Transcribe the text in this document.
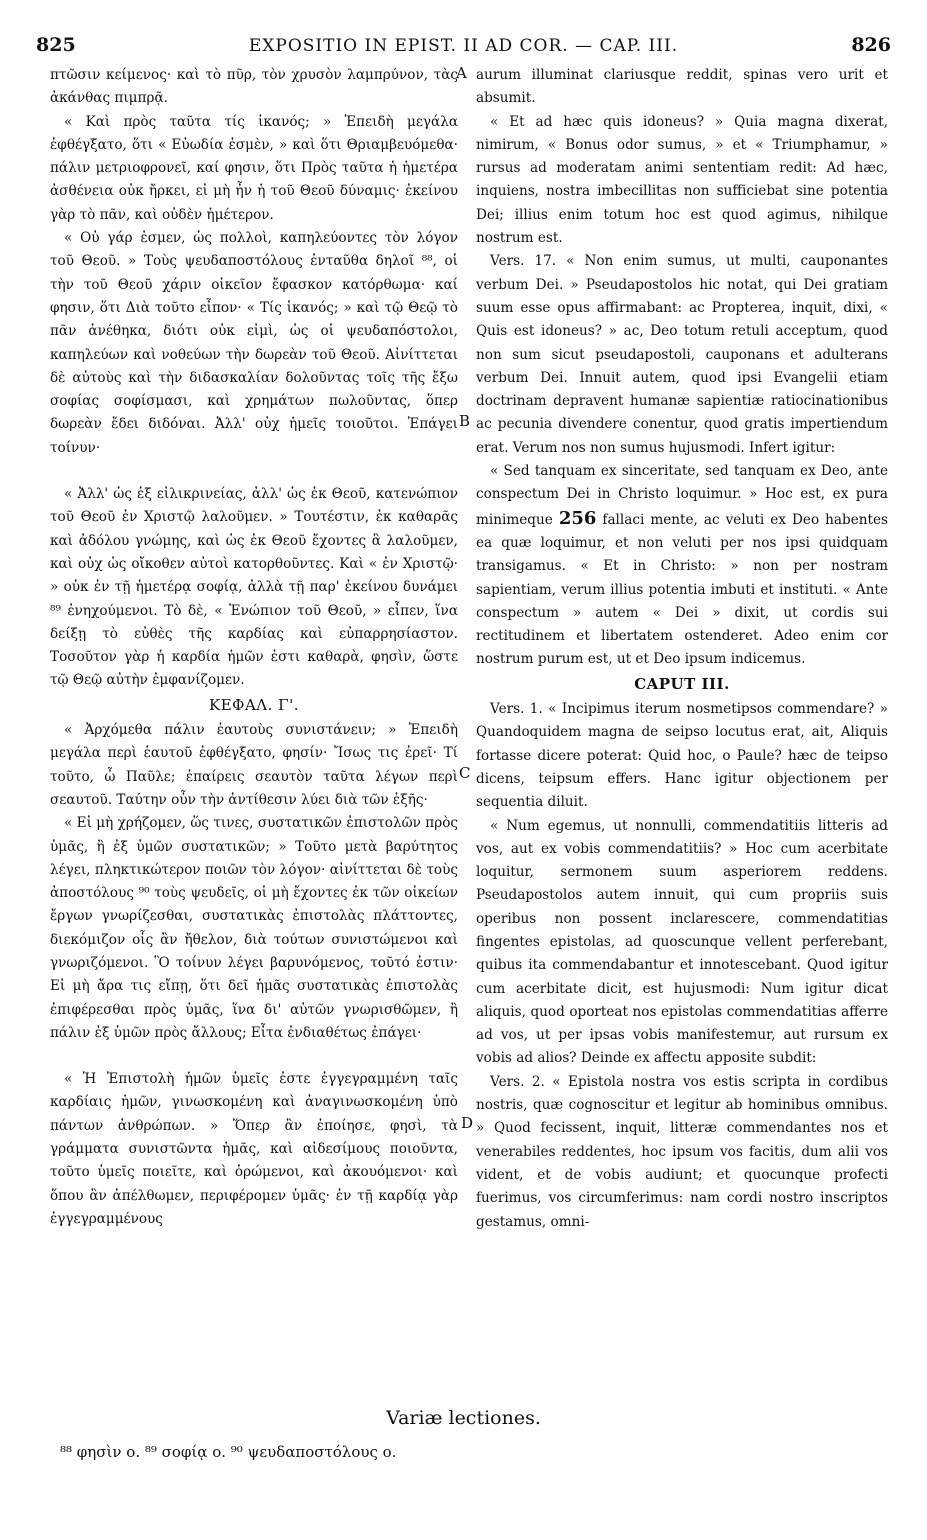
825	EXPOSITIO IN EPIST. II AD COR. — CAP. III.	826
A
B
C
D

πτῶσιν κείμενος· καὶ τὸ πῦρ, τὸν χρυσὸν λαμπρύνον, τὰς ἀκάνθας πιμπρᾷ.

« Καὶ πρὸς ταῦτα τίς ἱκανός; » Ἐπειδὴ μεγάλα ἐφθέγξατο, ὅτι « Εὐωδία ἐσμὲν, » καὶ ὅτι Θριαμβευόμεθα· πάλιν μετριοφρονεῖ, καί φησιν, ὅτι Πρὸς ταῦτα ἡ ἡμετέρα ἀσθένεια οὐκ ἤρκει, εἰ μὴ ἦν ἡ τοῦ Θεοῦ δύναμις· ἐκείνου γὰρ τὸ πᾶν, καὶ οὐδὲν ἡμέτερον.

« Οὐ γάρ ἐσμεν, ὡς πολλοὶ, καπηλεύοντες τὸν λόγον τοῦ Θεοῦ. » Τοὺς ψευδαποστόλους ἐνταῦθα δηλοῖ ⁸⁸, οἱ τὴν τοῦ Θεοῦ χάριν οἰκεῖον ἔφασκον κατόρθωμα· καί φησιν, ὅτι Διὰ τοῦτο εἶπον· « Τίς ἱκανός; » καὶ τῷ Θεῷ τὸ πᾶν ἀνέθηκα, διότι οὐκ εἰμὶ, ὡς οἱ ψευδαπόστολοι, καπηλεύων καὶ νοθεύων τὴν δωρεὰν τοῦ Θεοῦ. Αἰνίττεται δὲ αὐτοὺς καὶ τὴν διδασκαλίαν δολοῦντας τοῖς τῆς ἔξω σοφίας σοφίσμασι, καὶ χρημάτων πωλοῦντας, ὅπερ δωρεὰν ἔδει διδόναι. Ἀλλ' οὐχ ἡμεῖς τοιοῦτοι. Ἐπάγει τοίνυν·

« Ἀλλ' ὡς ἐξ εἰλικρινείας, ἀλλ' ὡς ἐκ Θεοῦ, κατενώπιον τοῦ Θεοῦ ἐν Χριστῷ λαλοῦμεν. » Τουτέστιν, ἐκ καθαρᾶς καὶ ἀδόλου γνώμης, καὶ ὡς ἐκ Θεοῦ ἔχοντες ἃ λαλοῦμεν, καὶ οὐχ ὡς οἴκοθεν αὐτοὶ κατορθοῦντες. Καὶ « ἐν Χριστῷ· » οὐκ ἐν τῇ ἡμετέρᾳ σοφίᾳ, ἀλλὰ τῇ παρ' ἐκείνου δυνάμει ⁸⁹ ἐνηχούμενοι. Τὸ δὲ, « Ἐνώπιον τοῦ Θεοῦ, » εἶπεν, ἵνα δείξῃ τὸ εὐθὲς τῆς καρδίας καὶ εὐπαρρησίαστον. Τοσοῦτον γὰρ ἡ καρδία ἡμῶν ἐστι καθαρὰ, φησὶν, ὥστε τῷ Θεῷ αὐτὴν ἐμφανίζομεν.

ΚΕΦΑΛ. Γ'.

« Ἀρχόμεθα πάλιν ἑαυτοὺς συνιστάνειν; » Ἐπειδὴ μεγάλα περὶ ἑαυτοῦ ἐφθέγξατο, φησίν· Ἴσως τις ἐρεῖ· Τί τοῦτο, ὦ Παῦλε; ἐπαίρεις σεαυτὸν ταῦτα λέγων περὶ σεαυτοῦ. Ταύτην οὖν τὴν ἀντίθεσιν λύει διὰ τῶν ἑξῆς·

« Εἰ μὴ χρήζομεν, ὥς τινες, συστατικῶν ἐπιστολῶν πρὸς ὑμᾶς, ἢ ἐξ ὑμῶν συστατικῶν; » Τοῦτο μετὰ βαρύτητος λέγει, πληκτικώτερον ποιῶν τὸν λόγον· αἰνίττεται δὲ τοὺς ἀποστόλους ⁹⁰ τοὺς ψευδεῖς, οἱ μὴ ἔχοντες ἐκ τῶν οἰκείων ἔργων γνωρίζεσθαι, συστατικὰς ἐπιστολὰς πλάττοντες, διεκόμιζον οἷς ἂν ἤθελον, διὰ τούτων συνιστώμενοι καὶ γνωριζόμενοι. Ὃ τοίνυν λέγει βαρυνόμενος, τοῦτό ἐστιν· Εἰ μὴ ἄρα τις εἴπῃ, ὅτι δεῖ ἡμᾶς συστατικὰς ἐπιστολὰς ἐπιφέρεσθαι πρὸς ὑμᾶς, ἵνα δι' αὐτῶν γνωρισθῶμεν, ἢ πάλιν ἐξ ὑμῶν πρὸς ἄλλους; Εἶτα ἐνδιαθέτως ἐπάγει·

« Ἡ Ἐπιστολὴ ἡμῶν ὑμεῖς ἐστε ἐγγεγραμμένη ταῖς καρδίαις ἡμῶν, γινωσκομένη καὶ ἀναγινωσκομένη ὑπὸ πάντων ἀνθρώπων. » Ὅπερ ἂν ἐποίησε, φησὶ, τὰ γράμματα συνιστῶντα ἡμᾶς, καὶ αἰδεσίμους ποιοῦντα, τοῦτο ὑμεῖς ποιεῖτε, καὶ ὁρώμενοι, καὶ ἀκουόμενοι· καὶ ὅπου ἂν ἀπέλθωμεν, περιφέρομεν ὑμᾶς· ἐν τῇ καρδίᾳ γὰρ ἐγγεγραμμένους

aurum illuminat clariusque reddit, spinas vero urit et absumit.

« Et ad hæc quis idoneus? » Quia magna dixerat, nimirum, « Bonus odor sumus, » et « Triumphamur, » rursus ad moderatam animi sententiam redit: Ad hæc, inquiens, nostra imbecillitas non sufficiebat sine potentia Dei; illius enim totum hoc est quod agimus, nihilque nostrum est.

Vers. 17. « Non enim sumus, ut multi, cauponantes verbum Dei. » Pseudapostolos hic notat, qui Dei gratiam suum esse opus affirmabant: ac Propterea, inquit, dixi, « Quis est idoneus? » ac, Deo totum retuli acceptum, quod non sum sicut pseudapostoli, cauponans et adulterans verbum Dei. Innuit autem, quod ipsi Evangelii etiam doctrinam depravent humanæ sapientiæ ratiocinationibus ac pecunia divendere conentur, quod gratis impertiendum erat. Verum nos non sumus hujusmodi. Infert igitur:

« Sed tanquam ex sinceritate, sed tanquam ex Deo, ante conspectum Dei in Christo loquimur. » Hoc est, ex pura minimeque 256 fallaci mente, ac veluti ex Deo habentes ea quæ loquimur, et non veluti per nos ipsi quidquam transigamus. « Et in Christo: » non per nostram sapientiam, verum illius potentia imbuti et instituti. « Ante conspectum » autem « Dei » dixit, ut cordis sui rectitudinem et libertatem ostenderet. Adeo enim cor nostrum purum est, ut et Deo ipsum indicemus.

CAPUT III.

Vers. 1. « Incipimus iterum nosmetipsos commendare? » Quandoquidem magna de seipso locutus erat, ait, Aliquis fortasse dicere poterat: Quid hoc, o Paule? hæc de teipso dicens, teipsum effers. Hanc igitur objectionem per sequentia diluit.

« Num egemus, ut nonnulli, commendatitiis litteris ad vos, aut ex vobis commendatitiis? » Hoc cum acerbitate loquitur, sermonem suum asperiorem reddens. Pseudapostolos autem innuit, qui cum propriis suis operibus non possent inclarescere, commendatitias fingentes epistolas, ad quoscunque vellent perferebant, quibus ita commendabantur et innotescebant. Quod igitur cum acerbitate dicit, est hujusmodi: Num igitur dicat aliquis, quod oporteat nos epistolas commendatitias afferre ad vos, ut per ipsas vobis manifestemur, aut rursum ex vobis ad alios? Deinde ex affectu apposite subdit:

Vers. 2. « Epistola nostra vos estis scripta in cordibus nostris, quæ cognoscitur et legitur ab hominibus omnibus. » Quod fecissent, inquit, litteræ commendantes nos et venerabiles reddentes, hoc ipsum vos facitis, dum alii vos vident, et de vobis audiunt; et quocunque profecti fuerimus, vos circumferimus: nam cordi nostro inscriptos gestamus, omni-

Variæ lectiones.
⁸⁸ φησὶν ο. ⁸⁹ σοφίᾳ ο. ⁹⁰ ψευδαποστόλους ο.
